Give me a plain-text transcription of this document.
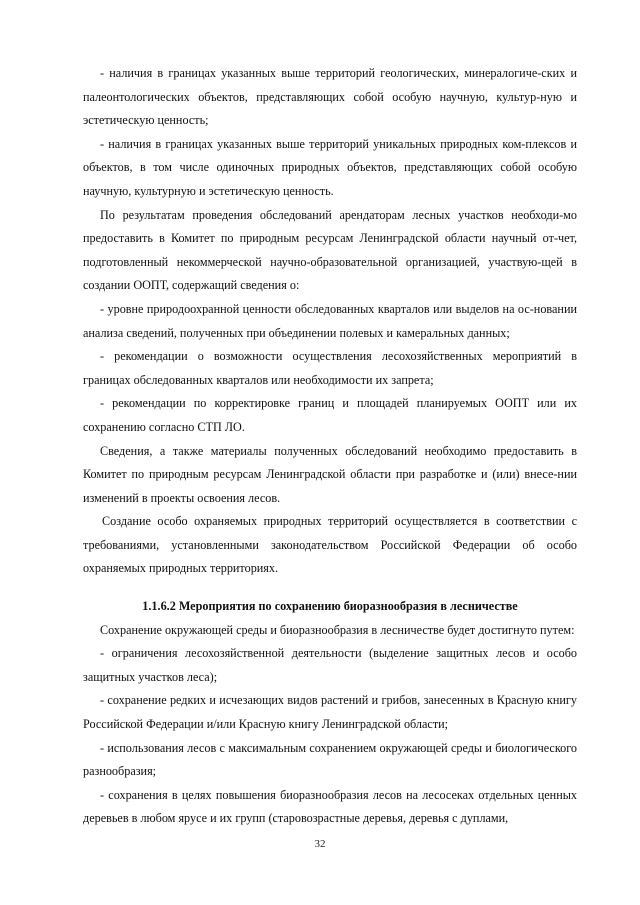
- наличия в границах указанных выше территорий геологических, минералогиче-ских и палеонтологических объектов, представляющих собой особую научную, культур-ную и эстетическую ценность;

- наличия в границах указанных выше территорий уникальных природных ком-плексов и объектов, в том числе одиночных природных объектов, представляющих собой особую научную, культурную и эстетическую ценность.

По результатам проведения обследований арендаторам лесных участков необходи-мо предоставить в Комитет по природным ресурсам Ленинградской области научный от-чет, подготовленный некоммерческой научно-образовательной организацией, участвую-щей в создании ООПТ, содержащий сведения о:

- уровне природоохранной ценности обследованных кварталов или выделов на ос-новании анализа сведений, полученных при объединении полевых и камеральных данных;

- рекомендации о возможности осуществления лесохозяйственных мероприятий в границах обследованных кварталов или необходимости их запрета;

- рекомендации по корректировке границ и площадей планируемых ООПТ или их сохранению согласно СТП ЛО.

Сведения, а также материалы полученных обследований необходимо предоставить в Комитет по природным ресурсам Ленинградской области при разработке и (или) внесе-нии изменений в проекты освоения лесов.

Создание особо охраняемых природных территорий осуществляется в соответствии с требованиями, установленными законодательством Российской Федерации об особо охраняемых природных территориях.

1.1.6.2 Мероприятия по сохранению биоразнообразия в лесничестве

Сохранение окружающей среды и биоразнообразия в лесничестве будет достигнуто путем:

- ограничения лесохозяйственной деятельности (выделение защитных лесов и особо защитных участков леса);

- сохранение редких и исчезающих видов растений и грибов, занесенных в Красную книгу Российской Федерации и/или Красную книгу Ленинградской области;

- использования лесов с максимальным сохранением окружающей среды и биологического разнообразия;

- сохранения в целях повышения биоразнообразия лесов на лесосеках отдельных ценных деревьев в любом ярусе и их групп (старовозрастные деревья, деревья с дуплами,

32
